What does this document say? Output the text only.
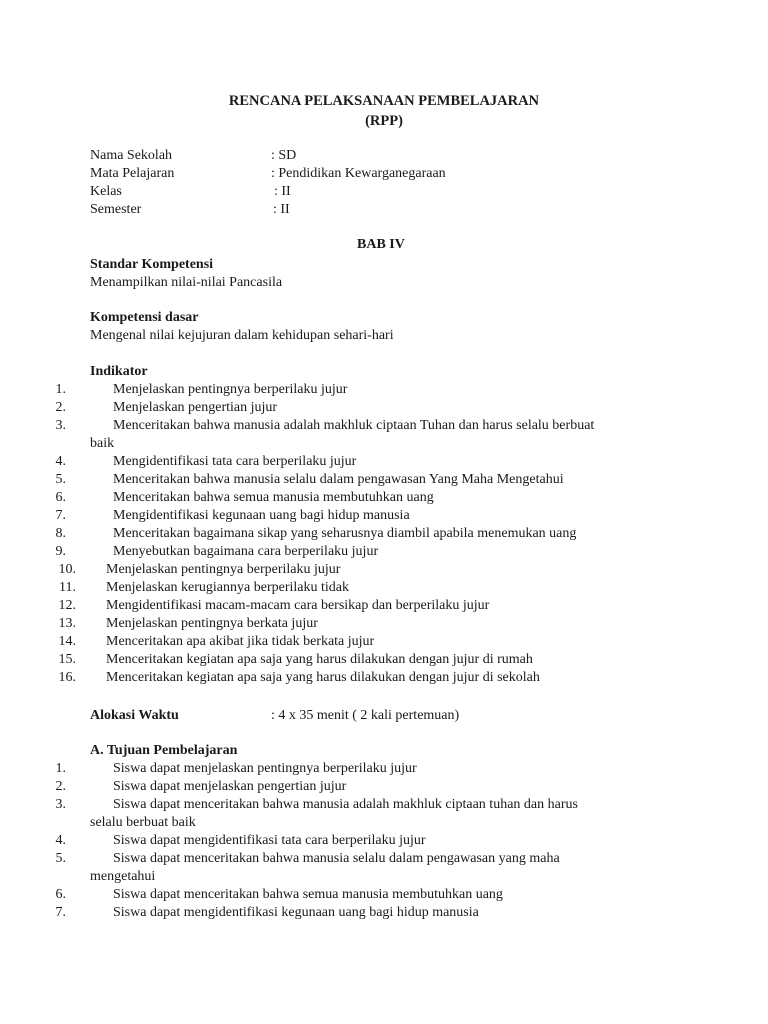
RENCANA PELAKSANAAN PEMBELAJARAN
(RPP)
Nama Sekolah	: SD
Mata Pelajaran	: Pendidikan Kewarganegaraan
Kelas	: II
Semester	: II
BAB IV
Standar Kompetensi
Menampilkan nilai-nilai Pancasila
Kompetensi dasar
Mengenal nilai kejujuran dalam kehidupan sehari-hari
Indikator
1.	Menjelaskan pentingnya berperilaku jujur
2.	Menjelaskan pengertian jujur
3.	Menceritakan bahwa manusia adalah makhluk ciptaan Tuhan dan harus selalu berbuat
baik
4.	Mengidentifikasi tata cara berperilaku jujur
5.	Menceritakan bahwa manusia selalu dalam pengawasan Yang Maha Mengetahui
6.	Menceritakan bahwa semua manusia membutuhkan uang
7.	Mengidentifikasi kegunaan uang bagi hidup manusia
8.	Menceritakan bagaimana sikap yang seharusnya diambil apabila menemukan uang
9.	Menyebutkan bagaimana cara berperilaku jujur
10. Menjelaskan pentingnya berperilaku jujur
11. Menjelaskan kerugiannya berperilaku tidak
12. Mengidentifikasi macam-macam cara bersikap dan berperilaku jujur
13. Menjelaskan pentingnya berkata jujur
14. Menceritakan apa akibat jika tidak berkata jujur
15. Menceritakan kegiatan apa saja yang harus dilakukan dengan jujur di rumah
16. Menceritakan kegiatan apa saja yang harus dilakukan dengan jujur di sekolah
Alokasi Waktu	: 4 x 35 menit ( 2 kali pertemuan)
A. Tujuan Pembelajaran
1.	Siswa dapat menjelaskan pentingnya berperilaku jujur
2.	Siswa dapat menjelaskan pengertian jujur
3.	Siswa dapat menceritakan bahwa manusia adalah makhluk ciptaan tuhan dan harus
selalu berbuat baik
4.	Siswa dapat mengidentifikasi tata cara berperilaku jujur
5.	Siswa dapat menceritakan bahwa manusia selalu dalam pengawasan yang maha
mengetahui
6.	Siswa dapat menceritakan bahwa semua manusia membutuhkan uang
7.	Siswa dapat mengidentifikasi kegunaan uang bagi hidup manusia
